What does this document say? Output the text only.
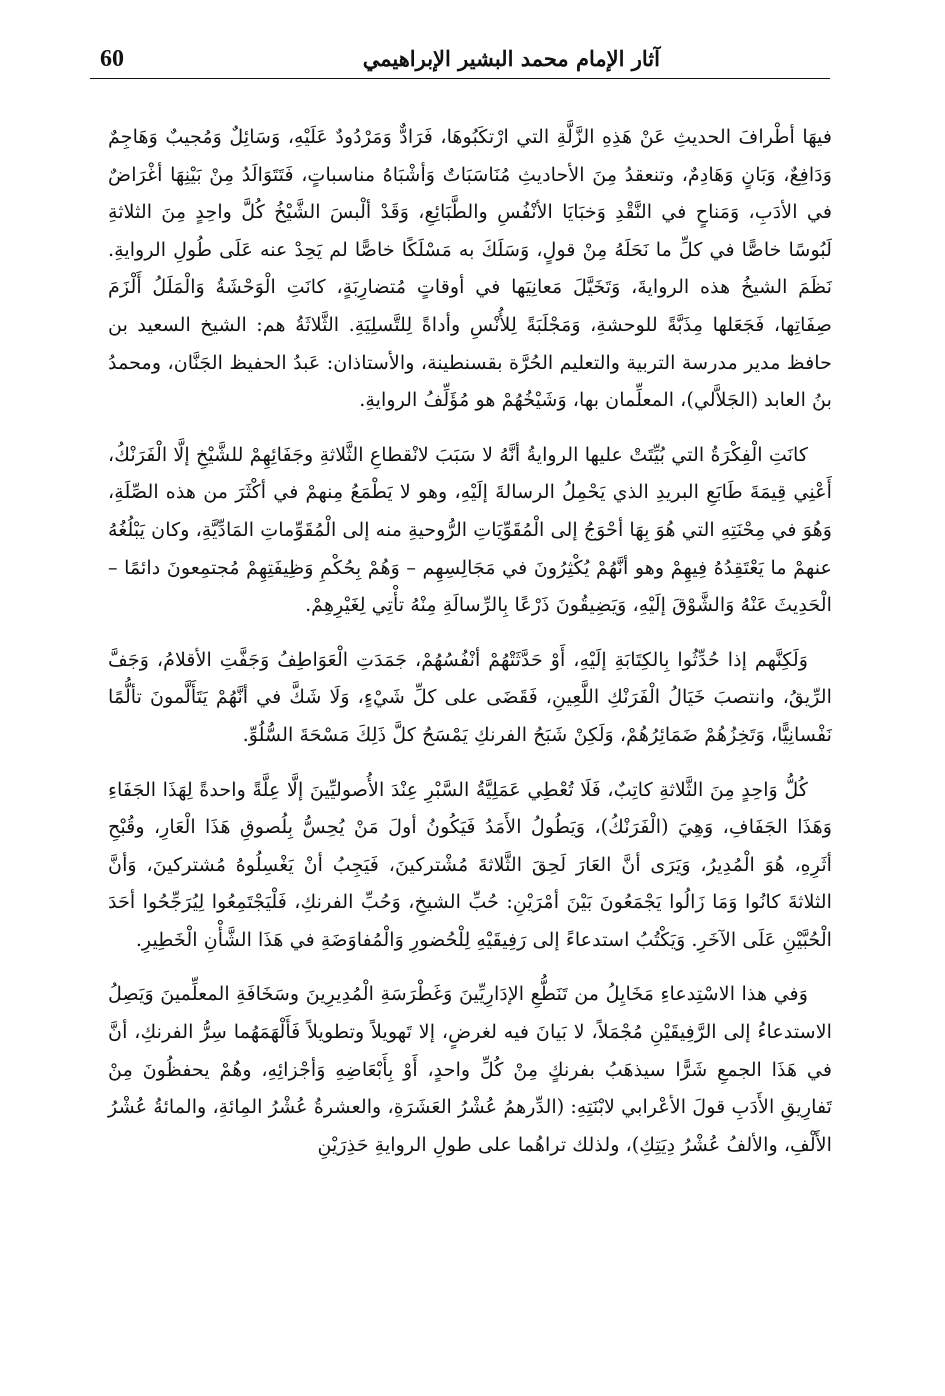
60	آثار الإمام محمد البشير الإبراهيمي

فيهَا أطْرافَ الحديثِ عَنْ هَذِهِ الزَّلَّةِ التي ارْتكَبُوهَا، فَرَادٌّ وَمَرْدُودٌ عَلَيْهِ، وَسَائِلٌ وَمُجيبٌ وَهَاجِمٌ وَدَافِعٌ، وَبَانٍ وَهَادِمٌ، وتنعقدُ مِنَ الأحاديثِ مُنَاسَبَاتٌ وَأشْبَاهُ مناسباتٍ، فَتَتَوَالَدُ مِنْ بَيْنِهَا أغْرَاضٌ في الأدَبِ، وَمَناحٍ في النَّقْدِ وَخبَايَا الأنْفُسِ والطَّبَائِعِ، وَقَدْ ألْبسَ الشَّيْخُ كُلَّ واحِدٍ مِنَ الثلاثةِ لَبُوسًا خاصًّا في كلِّ ما نَحَلَهُ مِنْ قولٍ، وَسَلَكَ به مَسْلَكًا خاصًّا لم يَحِدْ عنه عَلَى طُولِ الروايةِ. نَظَمَ الشيخُ هذه الروايةَ، وَتَخَيَّلَ مَعانِيَها في أوقاتٍ مُتضارِبَةٍ، كانَتِ الْوَحْشَةُ وَالْمَلَلُ أَلْزَمَ صِفَاتِها، فَجَعَلها مِذَبَّةً للوحشةِ، وَمَجْلَبَةً لِلأُنْسِ وأداةً لِلتَّسلِيَةِ. الثَّلاثَةُ هم: الشيخ السعيد بن حافظ مدير مدرسة التربية والتعليم الحُرَّة بقسنطينة، والأستاذان: عَبدُ الحفيظ الجَنَّان، ومحمدُ بنُ العابد (الجَلاَّلي)، المعلِّمان بها، وَشَيْخُهُمْ هو مُؤَلِّفُ الروايةِ.

كانَتِ الْفِكْرَةُ التي بُيِّتَتْ عليها الروايةُ أنَّهُ لا سَبَبَ لانْقطاعِ الثَّلاثةِ وجَفَائِهِمْ للشَّيْخِ إلَّا الْفَرَنْكُ، أَعْنِي قِيمَةَ طَابَعِ البريدِ الذي يَحْمِلُ الرسالةَ إلَيْهِ، وهو لا يَطْمَعُ مِنهمْ في أكْثَرَ من هذه الصِّلَةِ، وَهُوَ في مِحْنَتِهِ التي هُوَ بِهَا أحْوَجُ إلى الْمُقَوِّيَاتِ الرُّوحيةِ منه إلى الْمُقَوِّماتِ المَادِّيَّةِ، وكان يَبْلُغُهُ عنهمْ ما يَعْتَقِدُهُ فِيهِمْ وهو أنَّهُمْ يُكْثِرُونَ في مَجَالِسِهِم – وَهُمْ بِحُكْمِ وَظِيفَتِهِمْ مُجتمِعونَ دائمًا – الْحَدِيثَ عَنْهُ وَالشَّوْقَ إلَيْهِ، وَيَضِيقُونَ ذَرْعًا بِالرِّسالَةِ مِنْهُ تأْتِي لِغَيْرِهِمْ.

وَلَكِنَّهم إذا حُدِّثُوا بِالكِتَابَةِ إلَيْهِ، أَوْ حَدَّثَتْهُمْ أنْفُسُهُمْ، جَمَدَتِ الْعَوَاطِفُ وَجَفَّتِ الأقلامُ، وَجَفَّ الرِّيقُ، وانتصبَ خَيَالُ الْفَرَنْكِ اللَّعِينِ، فَقَضَى على كلِّ شَيْءٍ، وَلَا شَكَّ في أنَّهُمْ يَتَأَلَّمونَ تألُّمًا نَفْسانِيًّا، وَتَخِزُهُمْ ضَمَائِرُهُمْ، وَلَكِنْ شَبَحُ الفرنكِ يَمْسَحُ كلَّ ذَلِكَ مَسْحَةَ السُّلُوِّ.

كُلُّ وَاحِدٍ مِنَ الثَّلاثةِ كاتِبٌ، فَلَا تُعْطِي عَمَلِيَّةُ السَّبْرِ عِنْدَ الأُصوليِّينَ إلَّا عِلَّةً واحدةً لِهَذَا الجَفَاءِ وَهَذَا الجَفَافِ، وَهِيَ (الْفَرَنْكُ)، وَيَطُولُ الأَمَدُ فَيَكُونُ أولَ مَنْ يُحِسُّ بِلُصوقِ هَذَا الْعَارِ، وقُبْحِ أثَرِهِ، هُوَ الْمُدِيرُ، وَيَرَى أنَّ العَارَ لَحِقَ الثَّلاثةَ مُشْتركينَ، فَيَجِبُ أنْ يَغْسِلُوهُ مُشتركينَ، وَأنَّ الثلاثةَ كانُوا وَمَا زَالُوا يَجْمَعُونَ بَيْنَ أمْرَيْنِ: حُبِّ الشيخِ، وَحُبِّ الفرنكِ، فَلْيَجْتَمِعُوا لِيُرَجِّحُوا أحَدَ الْحُبَّيْنِ عَلَى الآخَرِ. وَيَكْتُبُ استدعاءً إلى رَفِيقَيْهِ لِلْحُضورِ وَالْمُفاوَضَةِ في هَذَا الشَّأْنِ الْخَطِيرِ.

وَفي هذا الاسْتِدعاءِ مَخَايِلُ من تَنَطُّعِ الإدَارِيِّينَ وَغَطْرَسَةِ الْمُدِيرِينَ وسَخَافَةِ المعلِّمينَ وَيَصِلُ الاستدعاءُ إلى الرَّفِيقَيْنِ مُجْمَلاً، لا بَيانَ فيه لغرضٍ، إلا تَهويلاً وتطويلاً فَأَلْهَمَهُما سِرُّ الفرنكِ، أنَّ في هَذَا الجمعِ شَرًّا سيذهَبُ بفرنكٍ مِنْ كُلِّ واحدٍ، أَوْ بِأَبْعَاضِهِ وَأجْزائِهِ، وهُمْ يحفظُونَ مِنْ تَفارِيقِ الأَدَبِ قولَ الأعْرابي لابْنَتِهِ: (الدِّرهمُ عُشْرُ العَشَرَةِ، والعشرةُ عُشْرُ المِائةِ، والمائةُ عُشْرُ الأَلْفِ، والألفُ عُشْرُ دِيَتِكِ)، ولذلك تراهُما على طولِ الروايةِ حَذِرَيْنِ
